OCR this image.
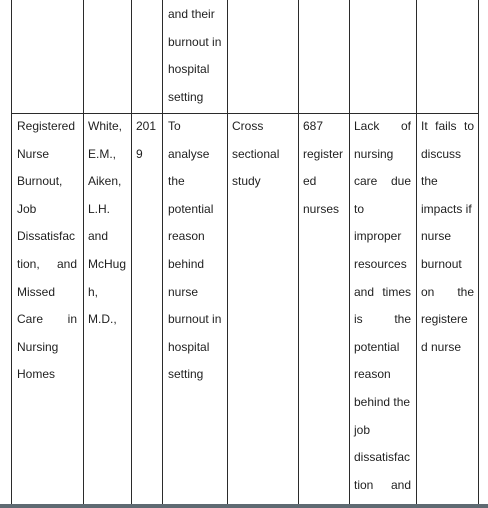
and their
burnout in
hospital
setting
Registered
Nurse
Burnout,
Job
Dissatisfac
tion, and
Missed
Care in
Nursing
Homes
White,
E.M.,
Aiken,
L.H.
and
McHug
h,
M.D.,
201
9
To
analyse
the
potential
reason
behind
nurse
burnout in
hospital
setting
Cross
sectional
study
687
register
ed
nurses
Lack of
nursing
care due
to
improper
resources
and times
is	the
potential
reason
behind the
job
dissatisfac
tion and
It fails to
discuss
the
impacts if
nurse
burnout
on the
registere
d nurse
